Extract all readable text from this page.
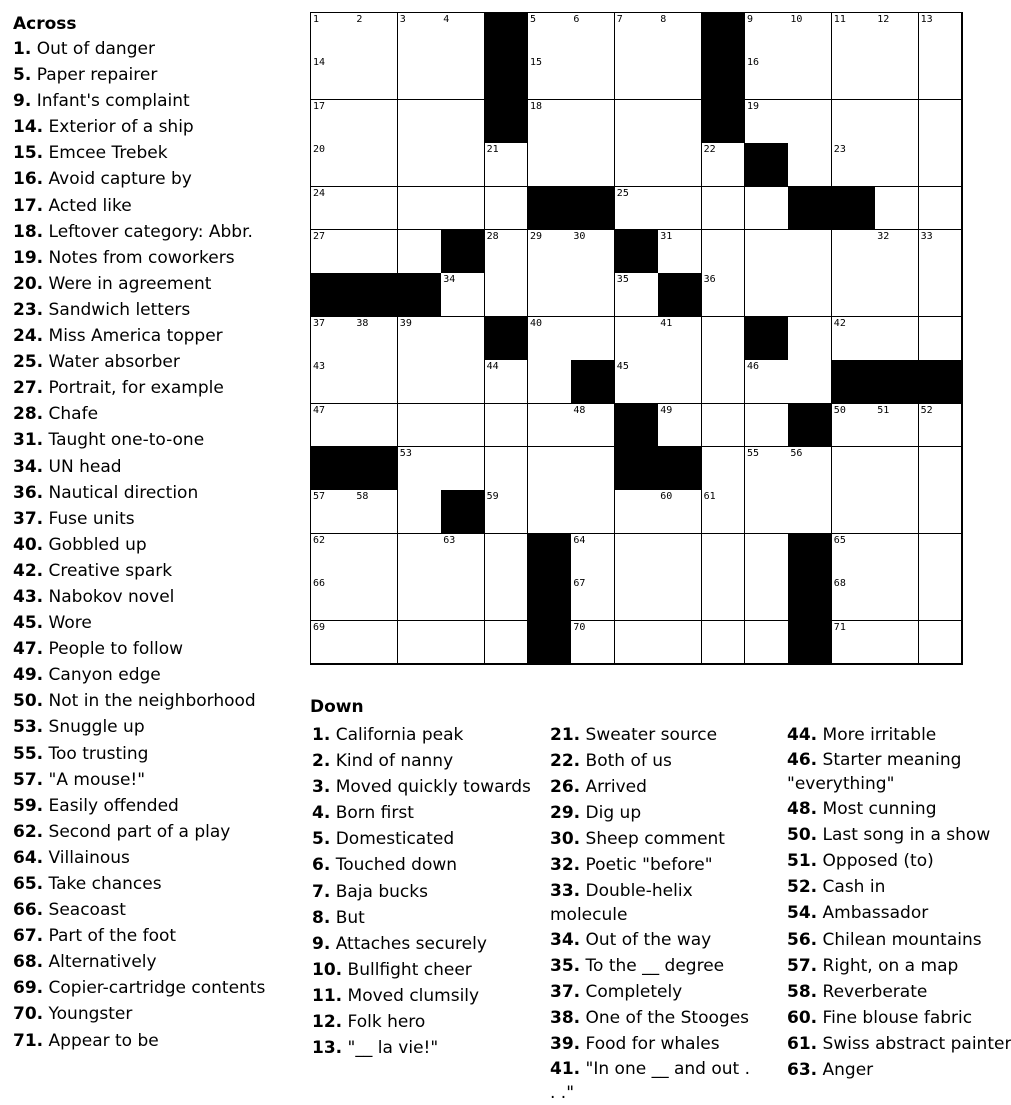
Across
1. Out of danger
5. Paper repairer
9. Infant's complaint
14. Exterior of a ship
15. Emcee Trebek
16. Avoid capture by
17. Acted like
18. Leftover category: Abbr.
19. Notes from coworkers
20. Were in agreement
23. Sandwich letters
24. Miss America topper
25. Water absorber
27. Portrait, for example
28. Chafe
31. Taught one-to-one
34. UN head
36. Nautical direction
37. Fuse units
40. Gobbled up
42. Creative spark
43. Nabokov novel
45. Wore
47. People to follow
49. Canyon edge
50. Not in the neighborhood
53. Snuggle up
55. Too trusting
57. "A mouse!"
59. Easily offended
62. Second part of a play
64. Villainous
65. Take chances
66. Seacoast
67. Part of the foot
68. Alternatively
69. Copier-cartridge contents
70. Youngster
71. Appear to be
1	2	3	4	5	6	7	8	9	10	11	12	13
14	15	16
17	18	19
20	21	22	23
24	25
27	28	29	30	31	32	33
34	35	36
37	38	39	40	41	42
43	44	45	46
47	48	49	50	51	52
53	55	56
57	58	59	60	61
62	63	64	65
66	67	68
69	70	71
Down
1. California peak
2. Kind of nanny
3. Moved quickly towards
4. Born first
5. Domesticated
6. Touched down
7. Baja bucks
8. But
9. Attaches securely
10. Bullfight cheer
11. Moved clumsily
12. Folk hero
13. "__ la vie!"
21. Sweater source
22. Both of us
26. Arrived
29. Dig up
30. Sheep comment
32. Poetic "before"
33. Double-helix molecule
34. Out of the way
35. To the __ degree
37. Completely
38. One of the Stooges
39. Food for whales
41. "In one __ and out . . ."
44. More irritable
46. Starter meaning "everything"
48. Most cunning
50. Last song in a show
51. Opposed (to)
52. Cash in
54. Ambassador
56. Chilean mountains
57. Right, on a map
58. Reverberate
60. Fine blouse fabric
61. Swiss abstract painter
63. Anger
